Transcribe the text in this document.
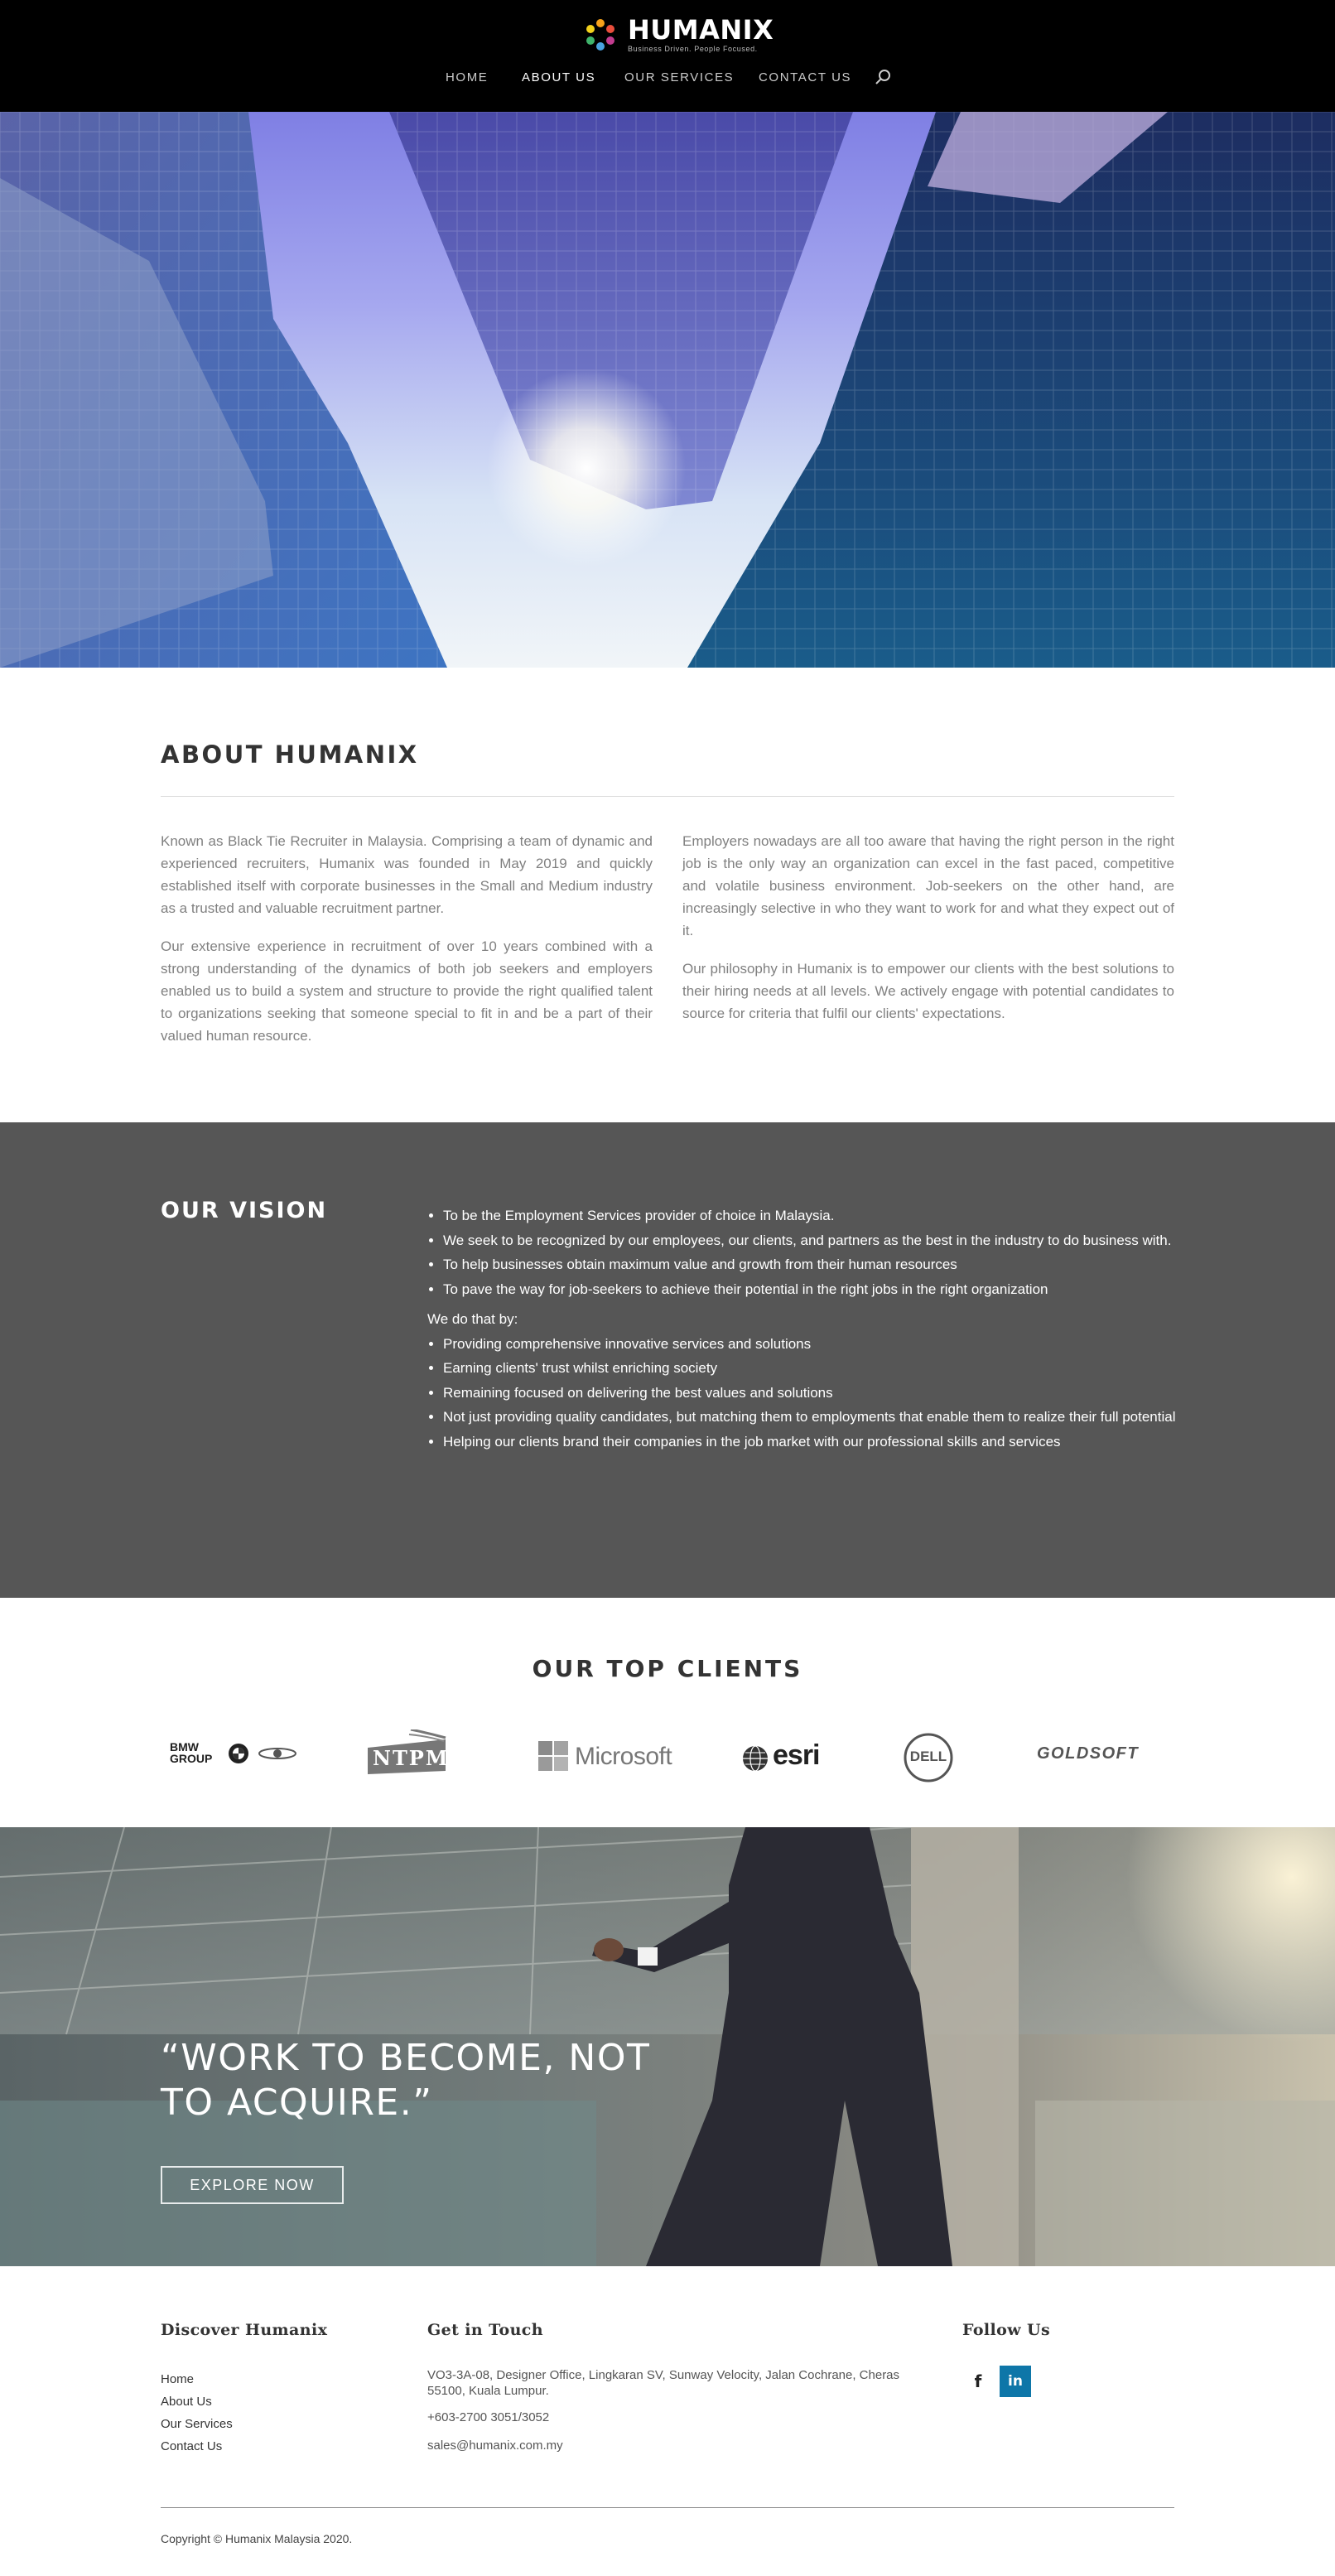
HUMANIX
Business Driven. People Focused.
HOME	ABOUT US OUR SERVICES CONTACT US
ABOUT HUMANIX

Known as Black Tie Recruiter in Malaysia. Comprising a team of dynamic and experienced recruiters, Humanix was founded in May 2019 and quickly established itself with corporate businesses in the Small and Medium industry as a trusted and valuable recruitment partner.

Our extensive experience in recruitment of over 10 years combined with a strong understanding of the dynamics of both job seekers and employers enabled us to build a system and structure to provide the right qualified talent to organizations seeking that someone special to fit in and be a part of their valued human resource.

Employers nowadays are all too aware that having the right person in the right job is the only way an organization can excel in the fast paced, competitive and volatile business environment. Job-seekers on the other hand, are increasingly selective in who they want to work for and what they expect out of it.

Our philosophy in Humanix is to empower our clients with the best solutions to their hiring needs at all levels. We actively engage with potential candidates to source for criteria that fulfil our clients' expectations.

OUR VISION	To be the Employment Services provider of choice in Malaysia.
We seek to be recognized by our employees, our clients, and partners as the best in the industry to do business with.
To help businesses obtain maximum value and growth from their human resources
To pave the way for job-seekers to achieve their potential in the right jobs in the right organization

We do that by:

Providing comprehensive innovative services and solutions
Earning clients' trust whilst enriching society
Remaining focused on delivering the best values and solutions
Not just providing quality candidates, but matching them to employments that enable them to realize their full potential
Helping our clients brand their companies in the job market with our professional skills and services
OUR TOP CLIENTS
BMW
GROUP	NTPM	Microsoft	esri	DELL	GOLDSOFT
“WORK TO BECOME, NOT TO ACQUIRE.”
EXPLORE NOW
Discover Humanix
Home
About Us
Our Services
Contact Us
Get in Touch

VO3-3A-08, Designer Office, Lingkaran SV, Sunway Velocity, Jalan Cochrane, Cheras 55100, Kuala Lumpur.

+603-2700 3051/3052

sales@humanix.com.my

Follow Us
f	in

Copyright © Humanix Malaysia 2020.
